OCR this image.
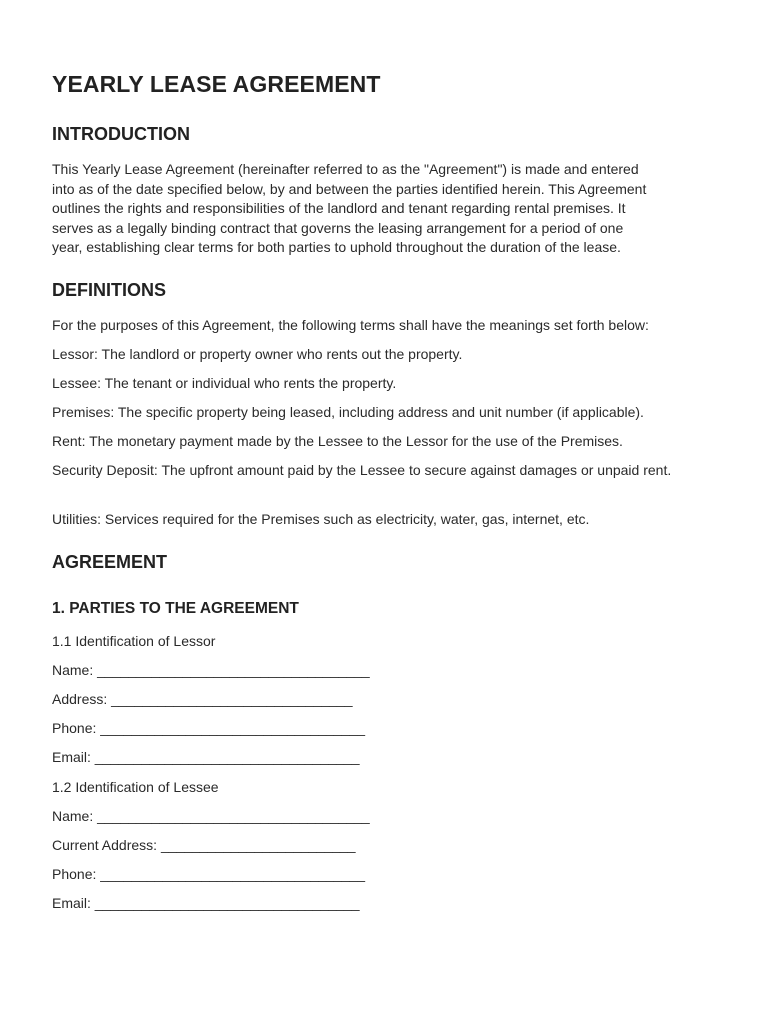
YEARLY LEASE AGREEMENT
INTRODUCTION
This Yearly Lease Agreement (hereinafter referred to as the "Agreement") is made and entered
into as of the date specified below, by and between the parties identified herein. This Agreement
outlines the rights and responsibilities of the landlord and tenant regarding rental premises. It
serves as a legally binding contract that governs the leasing arrangement for a period of one
year, establishing clear terms for both parties to uphold throughout the duration of the lease.
DEFINITIONS

For the purposes of this Agreement, the following terms shall have the meanings set forth below:

Lessor: The landlord or property owner who rents out the property.

Lessee: The tenant or individual who rents the property.

Premises: The specific property being leased, including address and unit number (if applicable).

Rent: The monetary payment made by the Lessee to the Lessor for the use of the Premises.

Security Deposit: The upfront amount paid by the Lessee to secure against damages or unpaid rent.

Utilities: Services required for the Premises such as electricity, water, gas, internet, etc.

AGREEMENT
1. PARTIES TO THE AGREEMENT

1.1 Identification of Lessor

Name: ___________________________________

Address: _______________________________

Phone: __________________________________

Email: __________________________________

1.2 Identification of Lessee

Name: ___________________________________

Current Address: _________________________

Phone: __________________________________

Email: __________________________________
